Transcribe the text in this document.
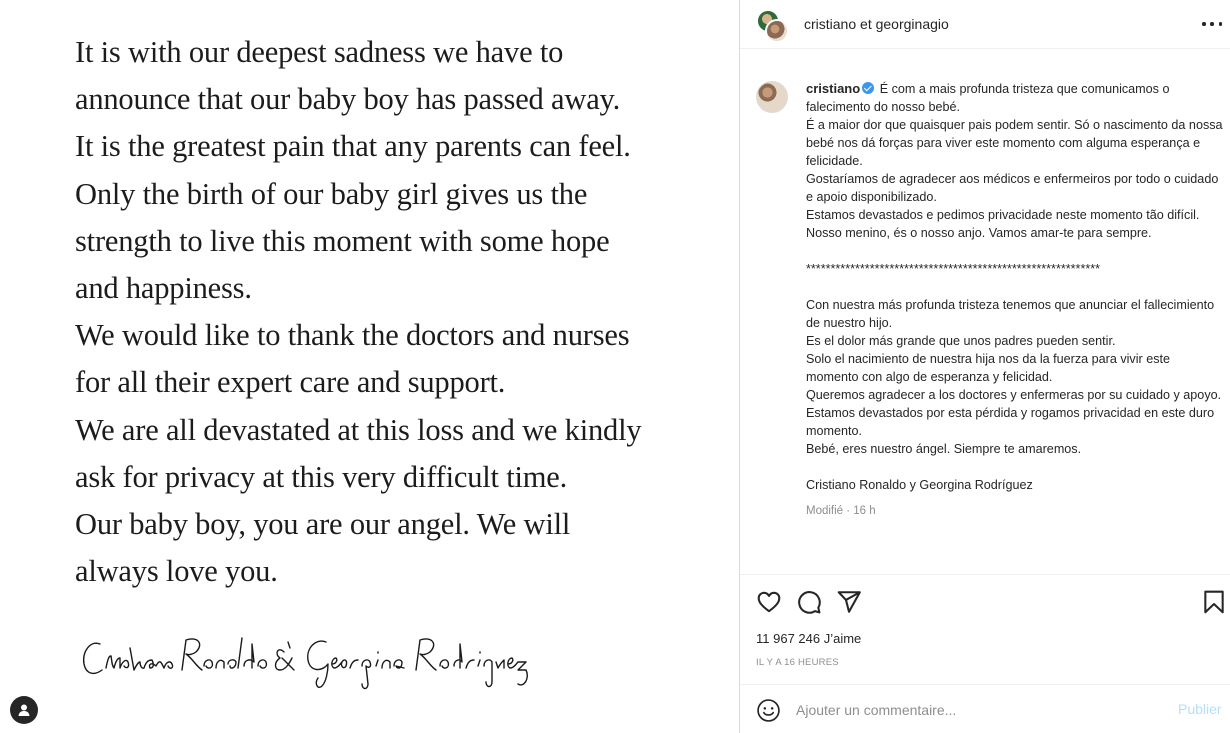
It is with our deepest sadness we have to
announce that our baby boy has passed away.
It is the greatest pain that any parents can feel.
Only the birth of our baby girl gives us the
strength to live this moment with some hope
and happiness.
We would like to thank the doctors and nurses
for all their expert care and support.
We are all devastated at this loss and we kindly
ask for privacy at this very difficult time.
Our baby boy, you are our angel. We will
always love you.
cristiano et georginagio
cristiano É com a mais profunda tristeza que comunicamos o falecimento do nosso bebé.
É a maior dor que quaisquer pais podem sentir. Só o nascimento da nossa bebé nos dá forças para viver este momento com alguma esperança e felicidade.
Gostaríamos de agradecer aos médicos e enfermeiros por todo o cuidado e apoio disponibilizado.
Estamos devastados e pedimos privacidade neste momento tão difícil.
Nosso menino, és o nosso anjo. Vamos amar-te para sempre.
************************************************************
Con nuestra más profunda tristeza tenemos que anunciar el fallecimiento de nuestro hijo.
Es el dolor más grande que unos padres pueden sentir.
Solo el nacimiento de nuestra hija nos da la fuerza para vivir este momento con algo de esperanza y felicidad.
Queremos agradecer a los doctores y enfermeras por su cuidado y apoyo.
Estamos devastados por esta pérdida y rogamos privacidad en este duro momento.
Bebé, eres nuestro ángel. Siempre te amaremos.
Cristiano Ronaldo y Georgina Rodríguez
Modifié · 16 h
11 967 246 J’aime
IL Y A 16 HEURES
Ajouter un commentaire...
Publier
